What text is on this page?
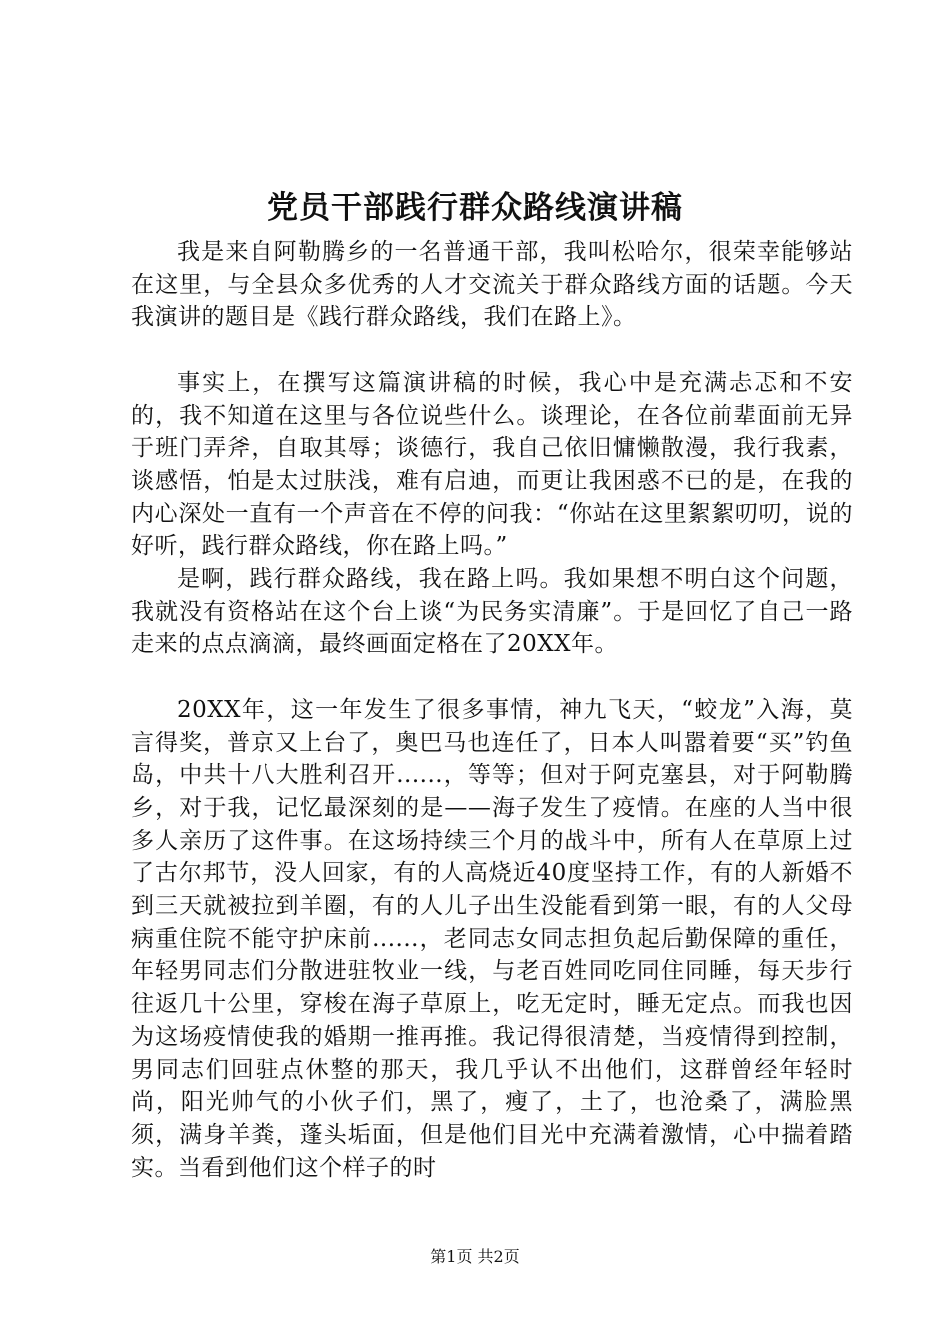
党员干部践行群众路线演讲稿

我是来自阿勒腾乡的一名普通干部，我叫松哈尔，很荣幸能够站在这里，与全县众多优秀的人才交流关于群众路线方面的话题。今天我演讲的题目是《践行群众路线，我们在路上》。

事实上，在撰写这篇演讲稿的时候，我心中是充满忐忑和不安的，我不知道在这里与各位说些什么。谈理论，在各位前辈面前无异于班门弄斧，自取其辱；谈德行，我自己依旧慵懒散漫，我行我素，谈感悟，怕是太过肤浅，难有启迪，而更让我困惑不已的是，在我的内心深处一直有一个声音在不停的问我：“你站在这里絮絮叨叨，说的好听，践行群众路线，你在路上吗。”

是啊，践行群众路线，我在路上吗。我如果想不明白这个问题，我就没有资格站在这个台上谈“为民务实清廉”。于是回忆了自己一路走来的点点滴滴，最终画面定格在了20XX年。

20XX年，这一年发生了很多事情，神九飞天，“蛟龙”入海，莫言得奖，普京又上台了，奥巴马也连任了，日本人叫嚣着要“买”钓鱼岛，中共十八大胜利召开......，等等；但对于阿克塞县，对于阿勒腾乡，对于我，记忆最深刻的是——海子发生了疫情。在座的人当中很多人亲历了这件事。在这场持续三个月的战斗中，所有人在草原上过了古尔邦节，没人回家，有的人高烧近40度坚持工作，有的人新婚不到三天就被拉到羊圈，有的人儿子出生没能看到第一眼，有的人父母病重住院不能守护床前......，老同志女同志担负起后勤保障的重任，年轻男同志们分散进驻牧业一线，与老百姓同吃同住同睡，每天步行往返几十公里，穿梭在海子草原上，吃无定时，睡无定点。而我也因为这场疫情使我的婚期一推再推。我记得很清楚，当疫情得到控制，男同志们回驻点休整的那天，我几乎认不出他们，这群曾经年轻时尚，阳光帅气的小伙子们，黑了，瘦了，土了，也沧桑了，满脸黑须，满身羊粪，蓬头垢面，但是他们目光中充满着激情，心中揣着踏实。当看到他们这个样子的时

第1页 共2页
